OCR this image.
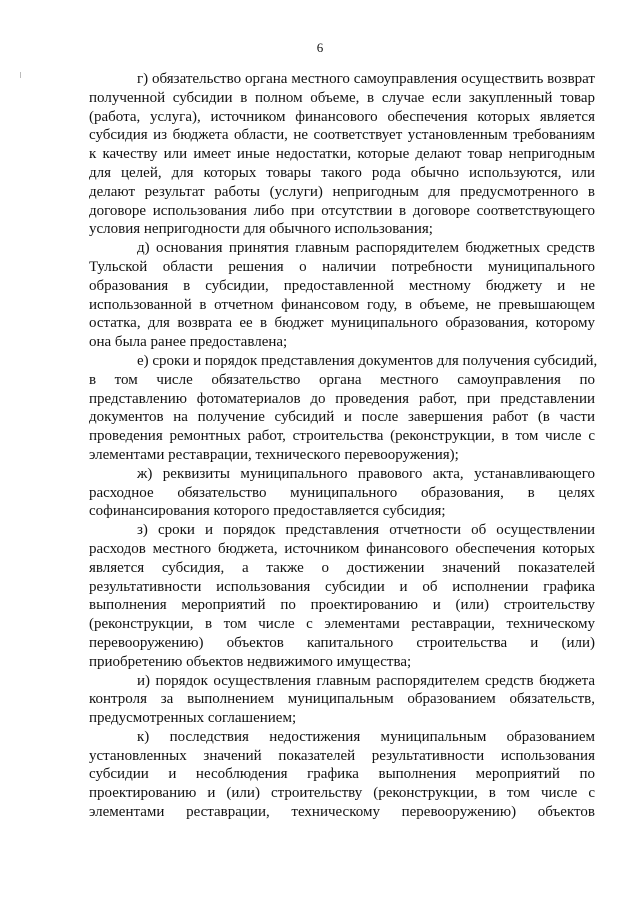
6

г) обязательство органа местного самоуправления осуществить возврат
полученной субсидии в полном объеме, в случае если закупленный товар
(работа, услуга), источником финансового обеспечения которых является
субсидия из бюджета области, не соответствует установленным требованиям
к качеству или имеет иные недостатки, которые делают товар непригодным
для целей, для которых товары такого рода обычно используются, или
делают результат работы (услуги) непригодным для предусмотренного в
договоре использования либо при отсутствии в договоре соответствующего
условия непригодности для обычного использования;

д) основания принятия главным распорядителем бюджетных средств
Тульской области решения о наличии потребности муниципального
образования в субсидии, предоставленной местному бюджету и не
использованной в отчетном финансовом году, в объеме, не превышающем
остатка, для возврата ее в бюджет муниципального образования, которому
она была ранее предоставлена;

е) сроки и порядок представления документов для получения субсидий,
в том числе обязательство органа местного самоуправления по
представлению фотоматериалов до проведения работ, при представлении
документов на получение субсидий и после завершения работ (в части
проведения ремонтных работ, строительства (реконструкции, в том числе с
элементами реставрации, технического перевооружения);

ж) реквизиты муниципального правового акта, устанавливающего
расходное обязательство муниципального образования, в целях
софинансирования которого предоставляется субсидия;

з) сроки и порядок представления отчетности об осуществлении
расходов местного бюджета, источником финансового обеспечения которых
является субсидия, а также о достижении значений показателей
результативности использования субсидии и об исполнении графика
выполнения мероприятий по проектированию и (или) строительству
(реконструкции, в том числе с элементами реставрации, техническому
перевооружению) объектов капитального строительства и (или)
приобретению объектов недвижимого имущества;

и) порядок осуществления главным распорядителем средств бюджета
контроля за выполнением муниципальным образованием обязательств,
предусмотренных соглашением;

к) последствия недостижения муниципальным образованием
установленных значений показателей результативности использования
субсидии и несоблюдения графика выполнения мероприятий по
проектированию и (или) строительству (реконструкции, в том числе с
элементами реставрации, техническому перевооружению) объектов
